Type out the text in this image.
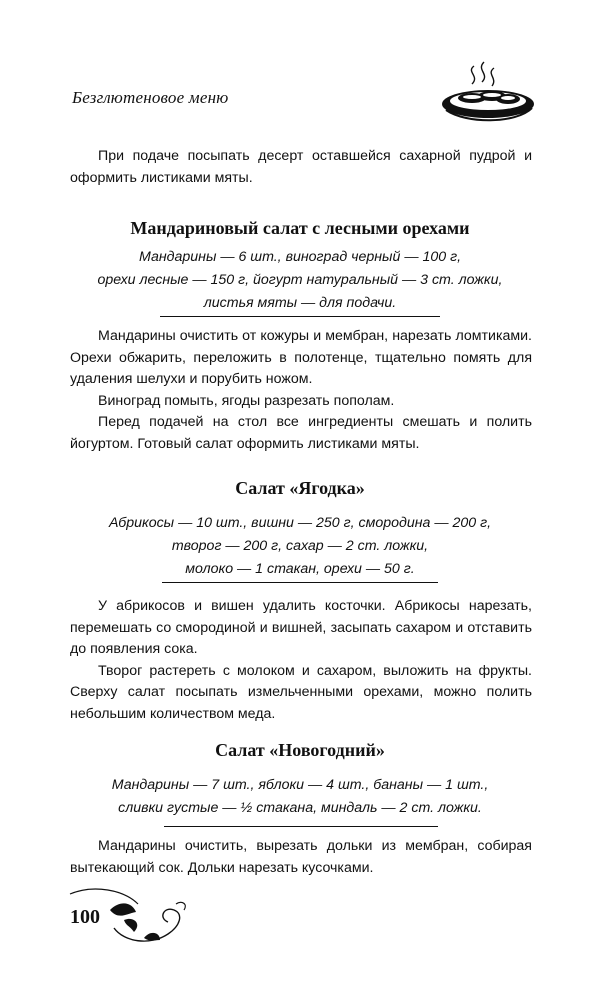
Безглютеновое меню

При подаче посыпать десерт оставшейся сахарной пудрой и оформить листиками мяты.

Мандариновый салат с лесными орехами
Мандарины — 6 шт., виноград черный — 100 г,
орехи лесные — 150 г, йогурт натуральный — 3 ст. ложки,
листья мяты — для подачи.

Мандарины очистить от кожуры и мембран, нарезать ломтиками. Орехи обжарить, переложить в полотенце, тщательно помять для удаления шелухи и порубить ножом.

Виноград помыть, ягоды разрезать пополам.

Перед подачей на стол все ингредиенты смешать и полить йогуртом. Готовый салат оформить листиками мяты.

Салат «Ягодка»
Абрикосы — 10 шт., вишни — 250 г, смородина — 200 г,
творог — 200 г, сахар — 2 ст. ложки,
молоко — 1 стакан, орехи — 50 г.

У абрикосов и вишен удалить косточки. Абрикосы нарезать, перемешать со смородиной и вишней, засыпать сахаром и отставить до появления сока.

Творог растереть с молоком и сахаром, выложить на фрукты. Сверху салат посыпать измельченными орехами, можно полить небольшим количеством меда.

Салат «Новогодний»
Мандарины — 7 шт., яблоки — 4 шт., бананы — 1 шт.,
сливки густые — ½ стакана, миндаль — 2 ст. ложки.

Мандарины очистить, вырезать дольки из мембран, собирая вытекающий сок. Дольки нарезать кусочками.

100
